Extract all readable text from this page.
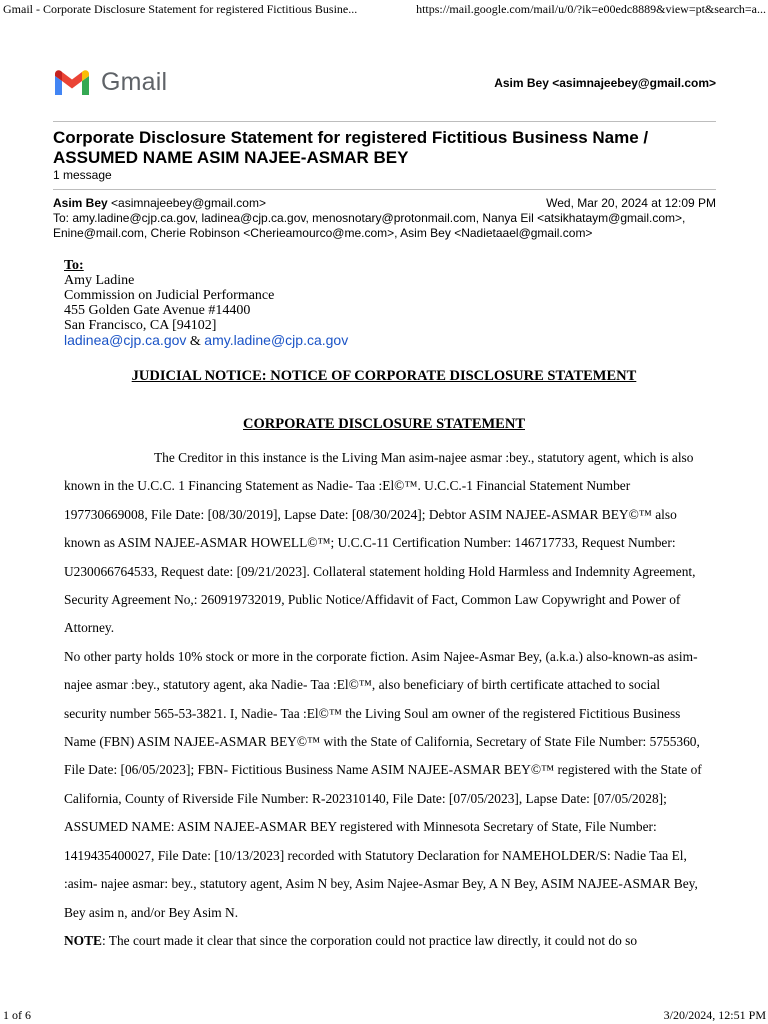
Gmail - Corporate Disclosure Statement for registered Fictitious Busine...	https://mail.google.com/mail/u/0/?ik=e00edc8889&view=pt&search=a...
Gmail	Asim Bey <asimnajeebey@gmail.com>
Corporate Disclosure Statement for registered Fictitious Business Name / ASSUMED NAME ASIM NAJEE-ASMAR BEY
1 message
Asim Bey <asimnajeebey@gmail.com>	Wed, Mar 20, 2024 at 12:09 PM
To: amy.ladine@cjp.ca.gov, ladinea@cjp.ca.gov, menosnotary@protonmail.com, Nanya Eil <atsikhataym@gmail.com>,
Enine@mail.com, Cherie Robinson <Cherieamourco@me.com>, Asim Bey <Nadietaael@gmail.com>
To:
Amy Ladine
Commission on Judicial Performance
455 Golden Gate Avenue #14400
San Francisco, CA [94102]
ladinea@cjp.ca.gov & amy.ladine@cjp.ca.gov
JUDICIAL NOTICE: NOTICE OF CORPORATE DISCLOSURE STATEMENT
CORPORATE DISCLOSURE STATEMENT

The Creditor in this instance is the Living Man asim-najee asmar :bey., statutory agent, which is also known in the U.C.C. 1 Financing Statement as Nadie- Taa :El©™. U.C.C.-1 Financial Statement Number 197730669008, File Date: [08/30/2019], Lapse Date: [08/30/2024]; Debtor ASIM NAJEE-ASMAR BEY©™ also known as ASIM NAJEE-ASMAR HOWELL©™; U.C.C-11 Certification Number: 146717733, Request Number: U230066764533, Request date: [09/21/2023]. Collateral statement holding Hold Harmless and Indemnity Agreement, Security Agreement No,: 260919732019, Public Notice/Affidavit of Fact, Common Law Copywright and Power of Attorney.

No other party holds 10% stock or more in the corporate fiction. Asim Najee-Asmar Bey, (a.k.a.) also-known-as asim-najee asmar :bey., statutory agent, aka Nadie- Taa :El©™, also beneficiary of birth certificate attached to social security number 565-53-3821. I, Nadie- Taa :El©™ the Living Soul am owner of the registered Fictitious Business Name (FBN) ASIM NAJEE-ASMAR BEY©™ with the State of California, Secretary of State File Number: 5755360, File Date: [06/05/2023]; FBN- Fictitious Business Name ASIM NAJEE-ASMAR BEY©™ registered with the State of California, County of Riverside File Number: R-202310140, File Date: [07/05/2023], Lapse Date: [07/05/2028]; ASSUMED NAME: ASIM NAJEE-ASMAR BEY registered with Minnesota Secretary of State, File Number: 1419435400027, File Date: [10/13/2023] recorded with Statutory Declaration for NAMEHOLDER/S: Nadie Taa El, :asim- najee asmar: bey., statutory agent, Asim N bey, Asim Najee-Asmar Bey, A N Bey, ASIM NAJEE-ASMAR Bey, Bey asim n, and/or Bey Asim N.

NOTE: The court made it clear that since the corporation could not practice law directly, it could not do so

1 of 6	3/20/2024, 12:51 PM
